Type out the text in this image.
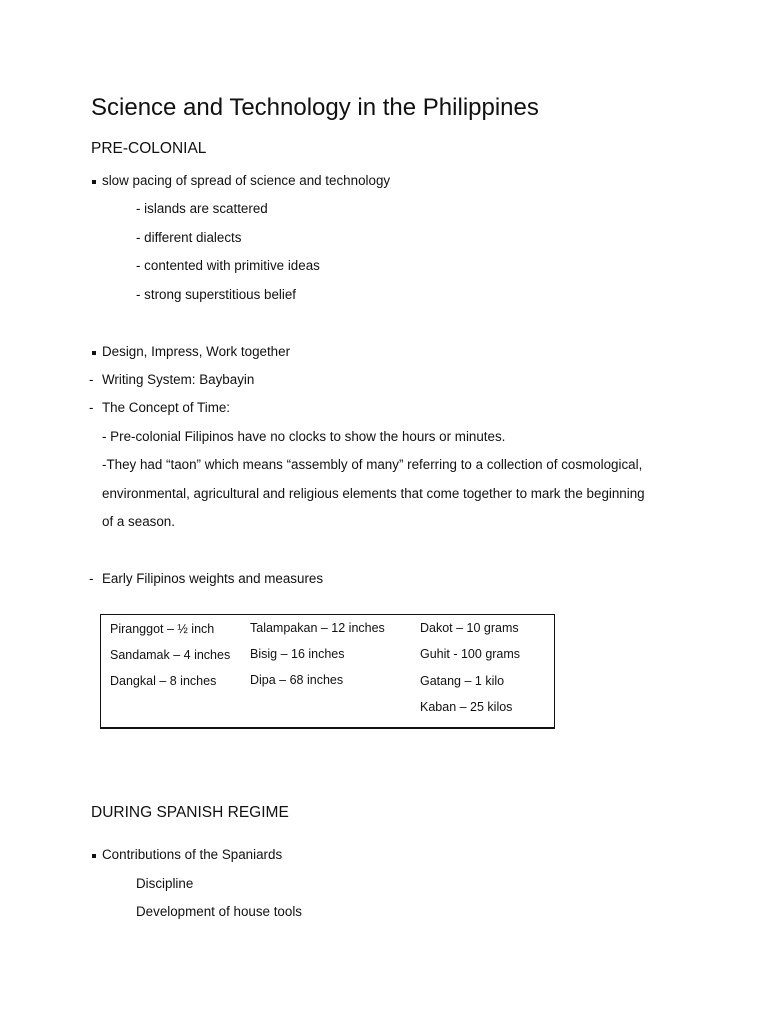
Science and Technology in the Philippines
PRE-COLONIAL
slow pacing of spread of science and technology
- islands are scattered
- different dialects
- contented with primitive ideas
- strong superstitious belief
Design, Impress, Work together
- Writing System: Baybayin
- The Concept of Time:
- Pre-colonial Filipinos have no clocks to show the hours or minutes.
-They had “taon” which means “assembly of many” referring to a collection of cosmological,
environmental, agricultural and religious elements that come together to mark the beginning
of a season.
- Early Filipinos weights and measures
Piranggot – ½ inch
Sandamak – 4 inches
Dangkal – 8 inches
Talampakan – 12 inches
Bisig – 16 inches
Dipa – 68 inches
Dakot – 10 grams
Guhit - 100 grams
Gatang – 1 kilo
Kaban – 25 kilos
DURING SPANISH REGIME
Contributions of the Spaniards
Discipline
Development of house tools
